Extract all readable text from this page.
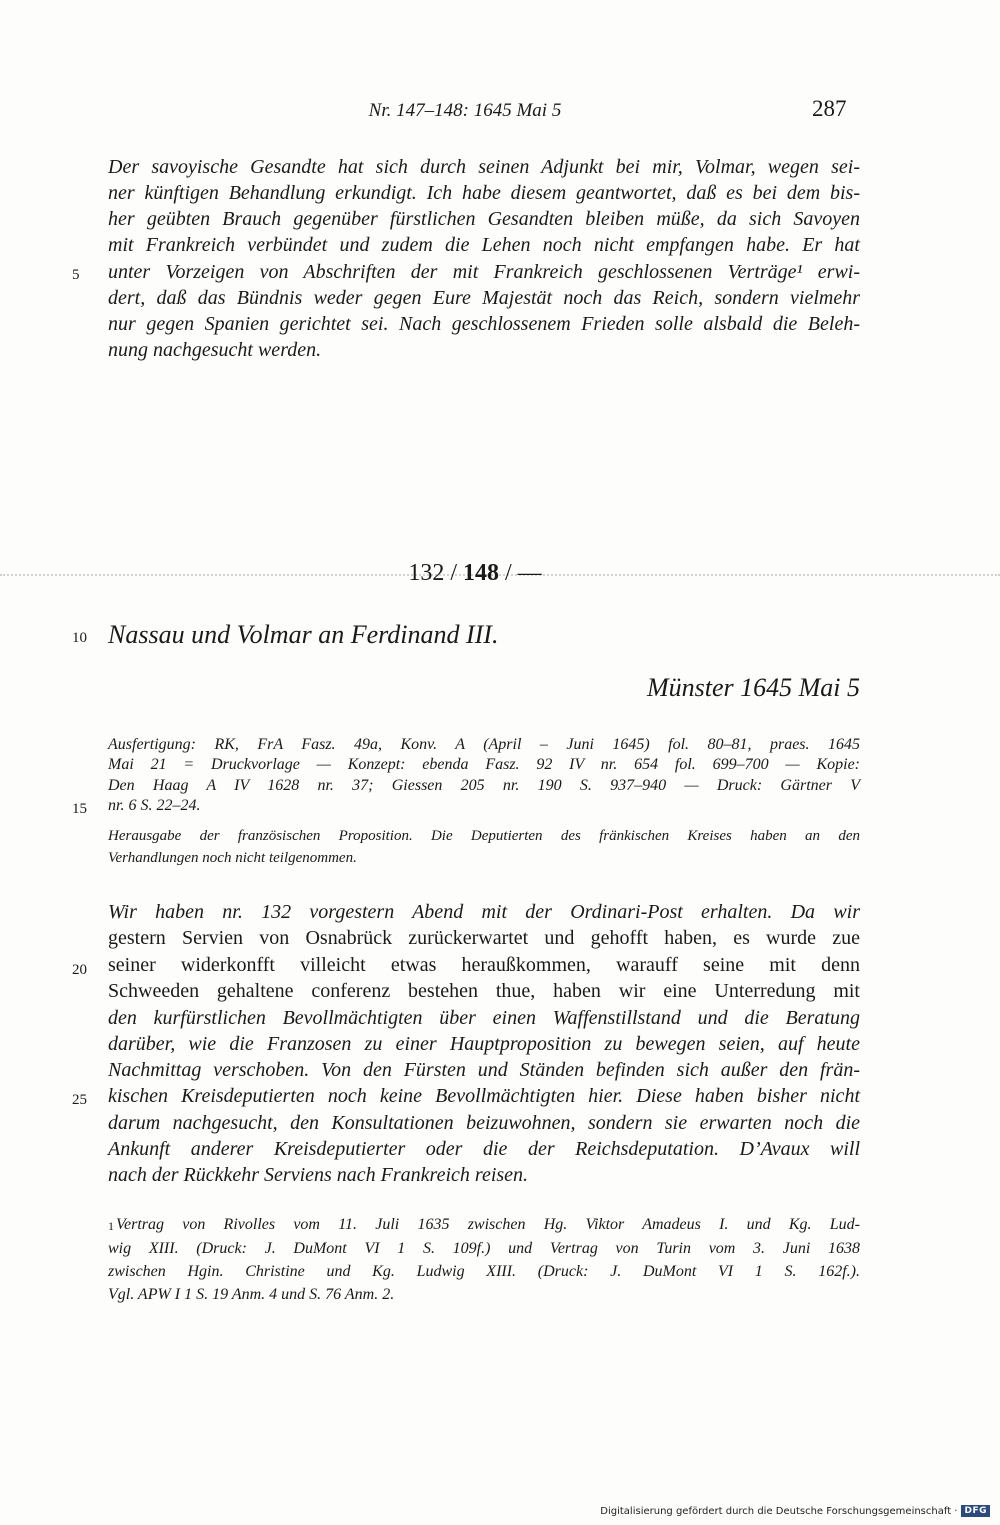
Nr. 147–148: 1645 Mai 5	287

Der savoyische Gesandte hat sich durch seinen Adjunkt bei mir, Volmar, wegen sei-
ner künftigen Behandlung erkundigt. Ich habe diesem geantwortet, daß es bei dem bis-
her geübten Brauch gegenüber fürstlichen Gesandten bleiben müße, da sich Savoyen
mit Frankreich verbündet und zudem die Lehen noch nicht empfangen habe. Er hat
unter Vorzeigen von Abschriften der mit Frankreich geschlossenen Verträge¹ erwi-
dert, daß das Bündnis weder gegen Eure Majestät noch das Reich, sondern vielmehr
nur gegen Spanien gerichtet sei. Nach geschlossenem Frieden solle alsbald die Beleh-
nung nachgesucht werden.
5

132 / 148 / —

10 Nassau und Volmar an Ferdinand III.

Münster 1645 Mai 5

Ausfertigung: RK, FrA Fasz. 49a, Konv. A (April – Juni 1645) fol. 80–81, praes. 1645
Mai 21 = Druckvorlage — Konzept: ebenda Fasz. 92 IV nr. 654 fol. 699–700 — Kopie:
Den Haag A IV 1628 nr. 37; Giessen 205 nr. 190 S. 937–940 — Druck: Gärtner V
nr. 6 S. 22–24.
15
Herausgabe der französischen Proposition. Die Deputierten des fränkischen Kreises haben an den
Verhandlungen noch nicht teilgenommen.
Wir haben nr. 132 vorgestern Abend mit der Ordinari-Post erhalten. Da wir
gestern Servien von Osnabrück zurückerwartet und gehofft haben, es wurde zue
seiner widerkonfft villeicht etwas heraußkommen, warauff seine mit denn
Schweeden gehaltene conferenz bestehen thue, haben wir eine Unterredung mit
den kurfürstlichen Bevollmächtigten über einen Waffenstillstand und die Beratung
darüber, wie die Franzosen zu einer Hauptproposition zu bewegen seien, auf heute
Nachmittag verschoben. Von den Fürsten und Ständen befinden sich außer den frän-
kischen Kreisdeputierten noch keine Bevollmächtigten hier. Diese haben bisher nicht
darum nachgesucht, den Konsultationen beizuwohnen, sondern sie erwarten noch die
Ankunft anderer Kreisdeputierter oder die der Reichsdeputation. D’Avaux will
nach der Rückkehr Serviens nach Frankreich reisen.
20
25
1 Vertrag von Rivolles vom 11. Juli 1635 zwischen Hg. Viktor Amadeus I. und Kg. Lud-
wig XIII. (Druck: J. DuMont VI 1 S. 109f.) und Vertrag von Turin vom 3. Juni 1638
zwischen Hgin. Christine und Kg. Ludwig XIII. (Druck: J. DuMont VI 1 S. 162f.).
Vgl. APW I 1 S. 19 Anm. 4 und S. 76 Anm. 2.
Digitalisierung gefördert durch die Deutsche Forschungsgemeinschaft · DFG
